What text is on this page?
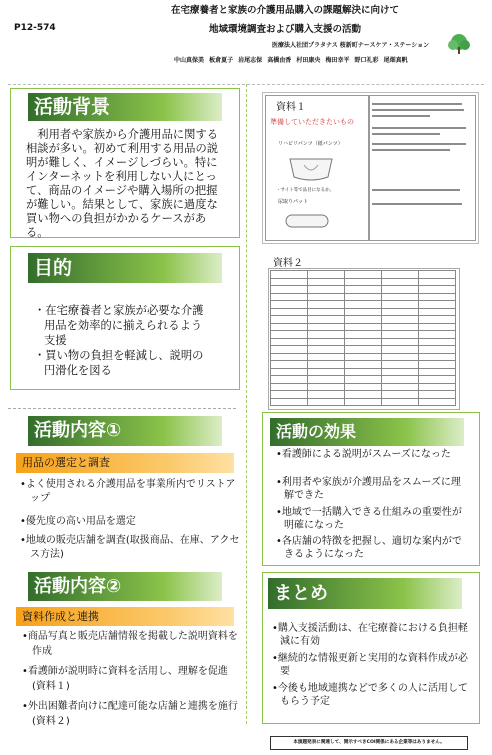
P12-574
在宅療養者と家族の介護用品購入の課題解決に向けて
地域環境調査および購入支援の活動
医療法人社団プラタナス 桜新町ナースケア・ステーション
中山真保美 板倉夏子 岩尾志保 高橋由香 村田康央 梅田幸平 野口礼彩 尾畑真帆
活動背景
利用者や家族から介護用品に関する相談が多い。初めて利用する用品の説明が難しく、イメージしづらい。特にインターネットを利用しない人にとって、商品のイメージや購入場所の把握が難しい。結果として、家族に過度な買い物への負担がかかるケースがある。
目的
・在宅療養者と家族が必要な介護用品を効率的に揃えられるよう支援
・買い物の負担を軽減し、説明の円滑化を図る
活動内容①
用品の選定と調査
•よく使用される介護用品を事業所内でリストアップ
•優先度の高い用品を選定
•地域の販売店舗を調査(取扱商品、在庫、アクセス方法)
活動内容②
資料作成と連携
•商品写真と販売店舗情報を掲載した説明資料を作成
•看護師が説明時に資料を活用し、理解を促進(資料１)
•外出困難者向けに配達可能な店舗と連携を施行(資料２)
資料１
準備していただきたいもの
リハビリパンツ（紙パンツ）
・サイト等で品目になるか。
尿取りパット
資料２

活動の効果
•看護師による説明がスムーズになった
•利用者や家族が介護用品をスムーズに理解できた
•地域で一括購入できる仕組みの重要性が明確になった
•各店舗の特徴を把握し、適切な案内ができるようになった
まとめ
•購入支援活動は、在宅療養における負担軽減に有効
•継続的な情報更新と実用的な資料作成が必要
•今後も地域連携などで多くの人に活用してもらう予定
本演題発表に関連して、開示すべきCOI関係にある企業等はありません。
